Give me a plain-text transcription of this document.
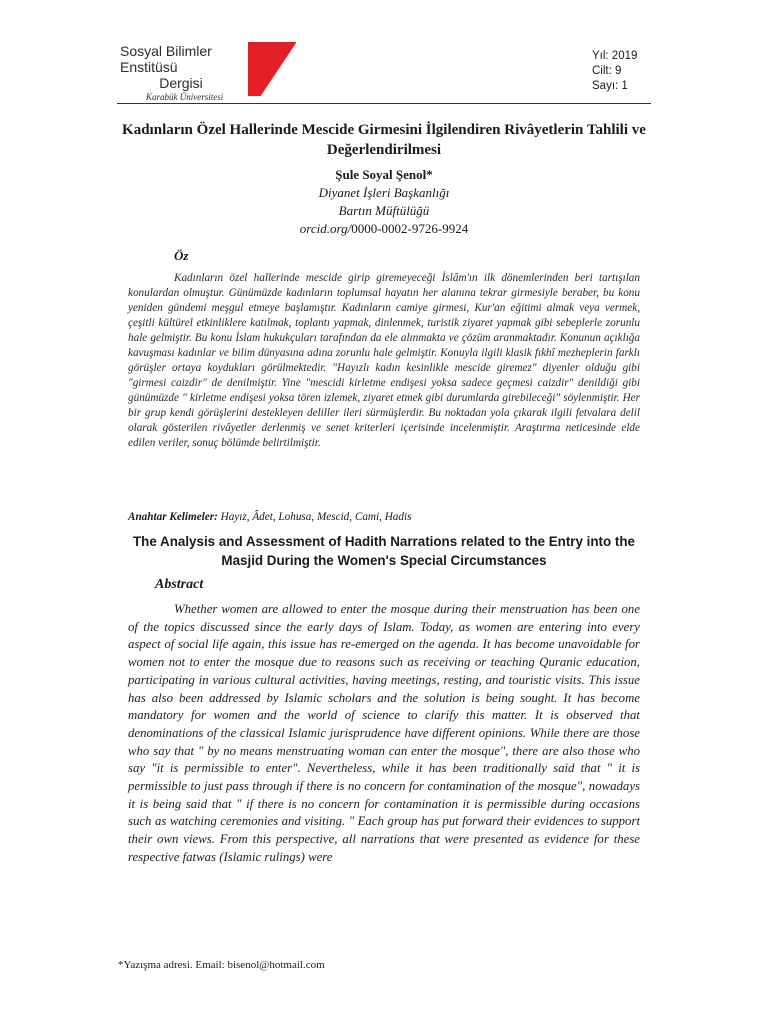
Sosyal Bilimler Enstitüsü
Dergisi
Karabük Üniversitesi
Yıl: 2019
Cilt: 9
Sayı: 1
Kadınların Özel Hallerinde Mescide Girmesini İlgilendiren Rivâyetlerin Tahlili ve Değerlendirilmesi
Şule Soyal Şenol*
Diyanet İşleri Başkanlığı
Bartın Müftülüğü
orcid.org/0000-0002-9726-9924
Öz

Kadınların özel hallerinde mescide girip giremeyeceği İslâm'ın ilk dönemlerinden beri tartışılan konulardan olmuştur. Günümüzde kadınların toplumsal hayatın her alanına tekrar girmesiyle beraber, bu konu yeniden gündemi meşgul etmeye başlamıştır. Kadınların camiye girmesi, Kur'an eğitimi almak veya vermek, çeşitli kültürel etkinliklere katılmak, toplantı yapmak, dinlenmek, turistik ziyaret yapmak gibi sebeplerle zorunlu hale gelmiştir. Bu konu İslam hukukçuları tarafından da ele alınmakta ve çözüm aranmaktadır. Konunun açıklığa kavuşması kadınlar ve bilim dünyasına adına zorunlu hale gelmiştir. Konuyla ilgili klasik fıkhî mezheplerin farklı görüşler ortaya koydukları görülmektedir. "Hayızlı kadın kesinlikle mescide giremez" diyenler olduğu gibi "girmesi caizdir" de denilmiştir. Yine "mescidi kirletme endişesi yoksa sadece geçmesi caizdir" denildiği gibi günümüzde " kirletme endişesi yoksa tören izlemek, ziyaret etmek gibi durumlarda girebileceği" söylenmiştir. Her bir grup kendi görüşlerini destekleyen deliller ileri sürmüşlerdir. Bu noktadan yola çıkarak ilgili fetvalara delil olarak gösterilen rivâyetler derlenmiş ve senet kriterleri içerisinde incelenmiştir. Araştırma neticesinde elde edilen veriler, sonuç bölümde belirtilmiştir.

Anahtar Kelimeler: Hayız, Âdet, Lohusa, Mescid, Cami, Hadis

The Analysis and Assessment of Hadith Narrations related to the Entry into the Masjid During the Women's Special Circumstances
Abstract

Whether women are allowed to enter the mosque during their menstruation has been one of the topics discussed since the early days of Islam. Today, as women are entering into every aspect of social life again, this issue has re-emerged on the agenda. It has become unavoidable for women not to enter the mosque due to reasons such as receiving or teaching Quranic education, participating in various cultural activities, having meetings, resting, and touristic visits. This issue has also been addressed by Islamic scholars and the solution is being sought. It has become mandatory for women and the world of science to clarify this matter. It is observed that denominations of the classical Islamic jurisprudence have different opinions. While there are those who say that " by no means menstruating woman can enter the mosque", there are also those who say "it is permissible to enter". Nevertheless, while it has been traditionally said that " it is permissible to just pass through if there is no concern for contamination of the mosque", nowadays it is being said that " if there is no concern for contamination it is permissible during occasions such as watching ceremonies and visiting. " Each group has put forward their evidences to support their own views. From this perspective, all narrations that were presented as evidence for these respective fatwas (Islamic rulings) were

*Yazışma adresi. Email: bisenol@hotmail.com
